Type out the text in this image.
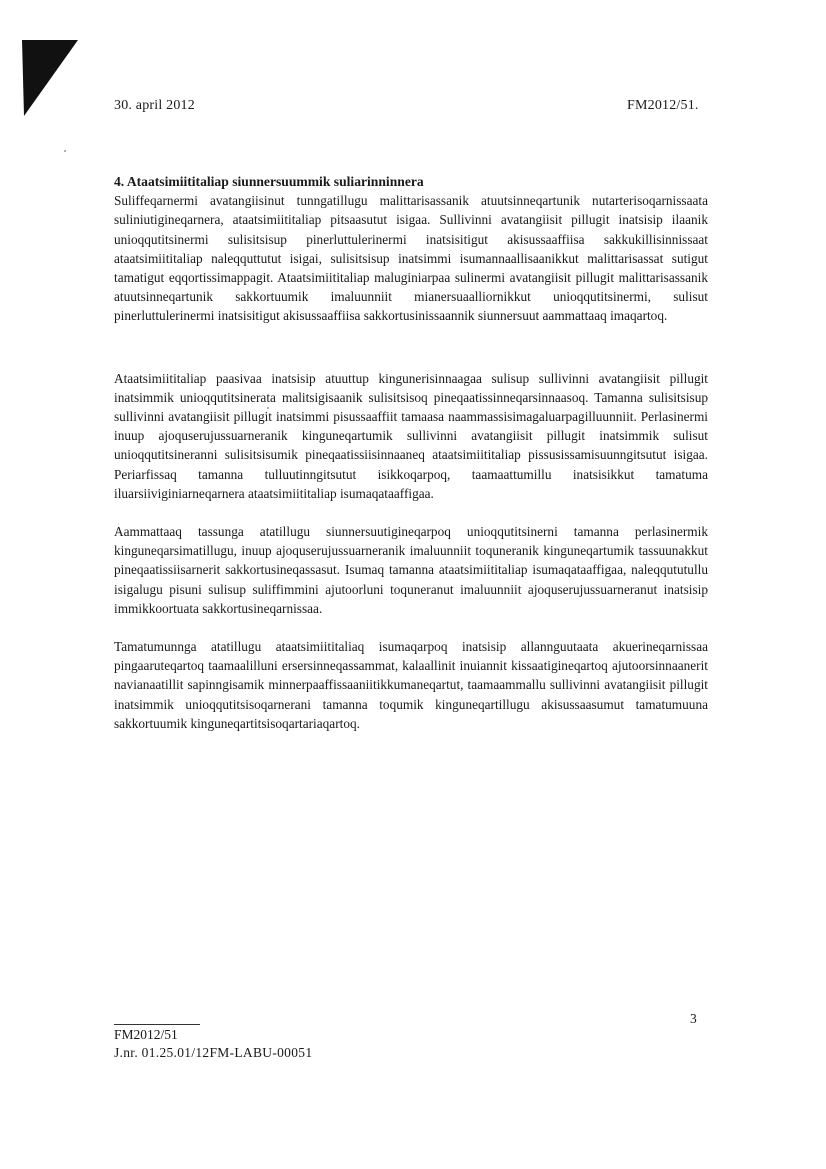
30. april 2012	FM2012/51.
4. Ataatsimiititaliap siunnersuummik suliarinninnera

Suliffeqarnermi avatangiisinut tunngatillugu malittarisassanik atuutsinneqartunik nutarterisoqarnissaata suliniutigineqarnera, ataatsimiititaliap pitsaasutut isigaa. Sullivinni avatangiisit pillugit inatsisip ilaanik unioqqutitsinermi sulisitsisup pinerluttulerinermi inatsisitigut akisussaaffiisa sakkukillisinnissaat ataatsimiititaliap naleqquttutut isigai, sulisitsisup inatsimmi isumannaallisaanikkut malittarisassat sutigut tamatigut eqqortissimappagit. Ataatsimiititaliap maluginiarpaa sulinermi avatangiisit pillugit malittarisassanik atuutsinneqartunik sakkortuumik imaluunniit mianersuaalliornikkut unioqqutitsinermi, sulisut pinerluttulerinermi inatsisitigut akisussaaffiisa sakkortusinissaannik siunnersuut aammattaaq imaqartoq.

Ataatsimiititaliap paasivaa inatsisip atuuttup kingunerisinnaagaa sulisup sullivinni avatangiisit pillugit inatsimmik unioqqutitsinerata malitsigisaanik sulisitsisoq pineqaatissinneqarsinnaasoq. Tamanna sulisitsisup sullivinni avatangiisit pillugit inatsimmi pisussaaffiit tamaasa naammassisimagaluarpagilluunniit. Perlasinermi inuup ajoquserujussuarneranik kinguneqartumik sullivinni avatangiisit pillugit inatsimmik sulisut unioqqutitsineranni sulisitsisumik pineqaatissiisinnaaneq ataatsimiititaliap pissusissamisuunngitsutut isigaa. Periarfissaq tamanna tulluutinngitsutut isikkoqarpoq, taamaattumillu inatsisikkut tamatuma iluarsiiviginiarneqarnera ataatsimiititaliap isumaqataaffigaa.

Aammattaaq tassunga atatillugu siunnersuutigineqarpoq unioqqutitsinerni tamanna perlasinermik kinguneqarsimatillugu, inuup ajoquserujussuarneranik imaluunniit toquneranik kinguneqartumik tassuunakkut pineqaatissiisarnerit sakkortusineqassasut. Isumaq tamanna ataatsimiititaliap isumaqataaffigaa, naleqqututullu isigalugu pisuni sulisup suliffimmini ajutoorluni toquneranut imaluunniit ajoquserujussuarneranut inatsisip immikkoortuata sakkortusineqarnissaa.

Tamatumunnga atatillugu ataatsimiititaliaq isumaqarpoq inatsisip allannguutaata akuerineqarnissaa pingaaruteqartoq taamaalilluni ersersinneqassammat, kalaallinit inuiannit kissaatigineqartoq ajutoorsinnaanerit navianaatillit sapinngisamik minnerpaaffissaaniitikkumaneqartut, taamaammallu sullivinni avatangiisit pillugit inatsimmik unioqqutitsisoqarnerani tamanna toqumik kinguneqartillugu akisussaasumut tamatumuuna sakkortuumik kinguneqartitsisoqartariaqartoq.

3
FM2012/51
J.nr. 01.25.01/12FM-LABU-00051
